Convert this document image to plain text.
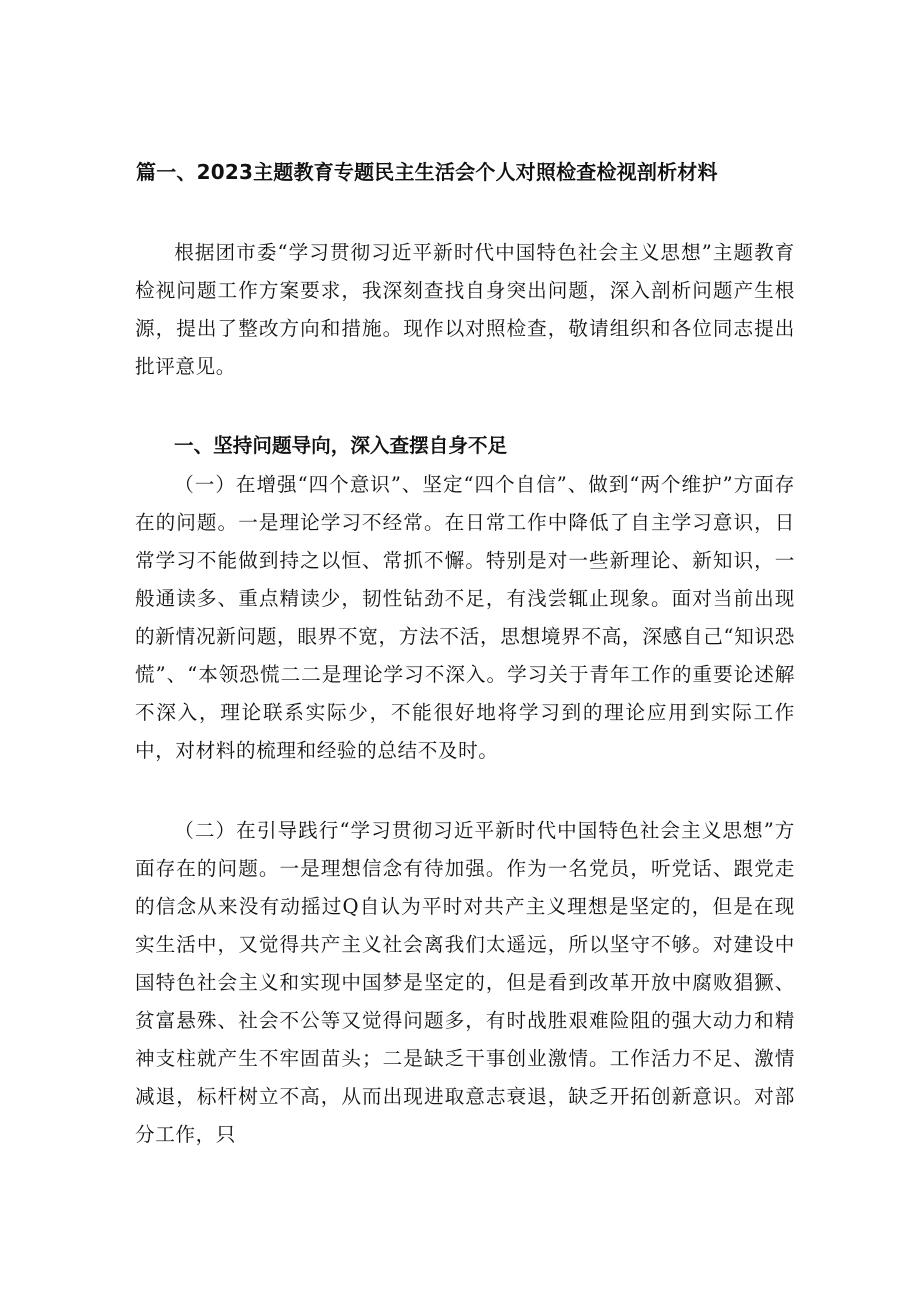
篇一、2023主题教育专题民主生活会个人对照检查检视剖析材料

根据团市委“学习贯彻习近平新时代中国特色社会主义思想”主题教育检视问题工作方案要求，我深刻查找自身突出问题，深入剖析问题产生根源，提出了整改方向和措施。现作以对照检查，敬请组织和各位同志提出批评意见。

一、坚持问题导向，深入查摆自身不足

（一）在增强“四个意识”、坚定“四个自信”、做到“两个维护”方面存在的问题。一是理论学习不经常。在日常工作中降低了自主学习意识，日常学习不能做到持之以恒、常抓不懈。特别是对一些新理论、新知识，一般通读多、重点精读少，韧性钻劲不足，有浅尝辄止现象。面对当前出现的新情况新问题，眼界不宽，方法不活，思想境界不高，深感自己“知识恐慌”、“本领恐慌二二是理论学习不深入。学习关于青年工作的重要论述解不深入，理论联系实际少，不能很好地将学习到的理论应用到实际工作中，对材料的梳理和经验的总结不及时。

（二）在引导践行“学习贯彻习近平新时代中国特色社会主义思想”方面存在的问题。一是理想信念有待加强。作为一名党员，听党话、跟党走的信念从来没有动摇过Q自认为平时对共产主义理想是坚定的，但是在现实生活中，又觉得共产主义社会离我们太遥远，所以坚守不够。对建设中国特色社会主义和实现中国梦是坚定的，但是看到改革开放中腐败猖獗、贫富悬殊、社会不公等又觉得问题多，有时战胜艰难险阻的强大动力和精神支柱就产生不牢固苗头；二是缺乏干事创业激情。工作活力不足、激情减退，标杆树立不高，从而出现进取意志衰退，缺乏开拓创新意识。对部分工作，只
